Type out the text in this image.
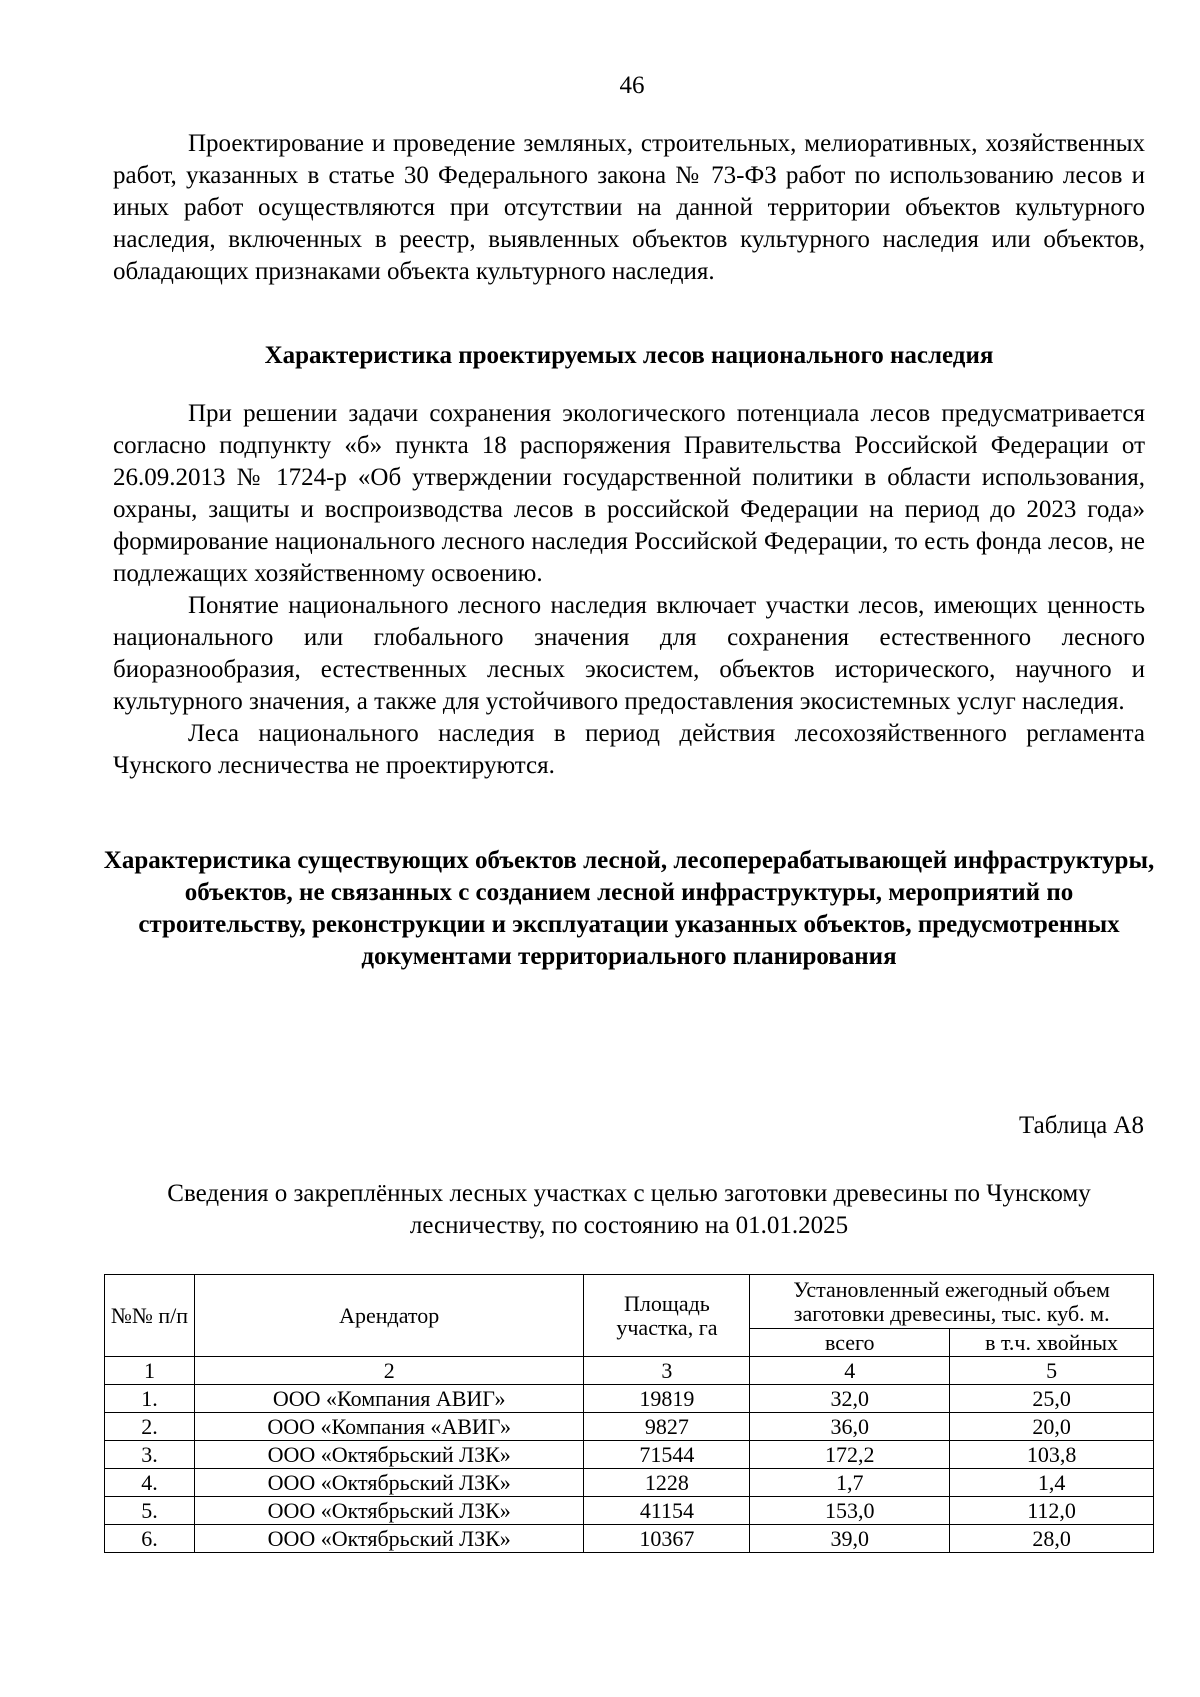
46

Проектирование и проведение земляных, строительных, мелиоративных, хозяйственных работ, указанных в статье 30 Федерального закона № 73-ФЗ работ по использованию лесов и иных работ осуществляются при отсутствии на данной территории объектов культурного наследия, включенных в реестр, выявленных объектов культурного наследия или объектов, обладающих признаками объекта культурного наследия.

Характеристика проектируемых лесов национального наследия

При решении задачи сохранения экологического потенциала лесов предусматривается согласно подпункту «б» пункта 18 распоряжения Правительства Российской Федерации от 26.09.2013 № 1724-р «Об утверждении государственной политики в области использования, охраны, защиты и воспроизводства лесов в российской Федерации на период до 2023 года» формирование национального лесного наследия Российской Федерации, то есть фонда лесов, не подлежащих хозяйственному освоению.

Понятие национального лесного наследия включает участки лесов, имеющих ценность национального или глобального значения для сохранения естественного лесного биоразнообразия, естественных лесных экосистем, объектов исторического, научного и культурного значения, а также для устойчивого предоставления экосистемных услуг наследия.

Леса национального наследия в период действия лесохозяйственного регламента Чунского лесничества не проектируются.

Характеристика существующих объектов лесной, лесоперерабатывающей инфраструктуры, объектов, не связанных с созданием лесной инфраструктуры, мероприятий по строительству, реконструкции и эксплуатации указанных объектов, предусмотренных документами территориального планирования
Таблица А8
Сведения о закреплённых лесных участках с целью заготовки древесины по Чунскому лесничеству, по состоянию на 01.01.2025
№№ п/п	Арендатор	Площадь участка, га	Установленный ежегодный объем заготовки древесины, тыс. куб. м.	
			всего	в т.ч. хвойных
1	2	3	4	5
1.	ООО «Компания АВИГ»	19819	32,0	25,0
2.	ООО «Компания «АВИГ»	9827	36,0	20,0
3.	ООО «Октябрьский ЛЗК»	71544	172,2	103,8
4.	ООО «Октябрьский ЛЗК»	1228	1,7	1,4
5.	ООО «Октябрьский ЛЗК»	41154	153,0	112,0
6.	ООО «Октябрьский ЛЗК»	10367	39,0	28,0
